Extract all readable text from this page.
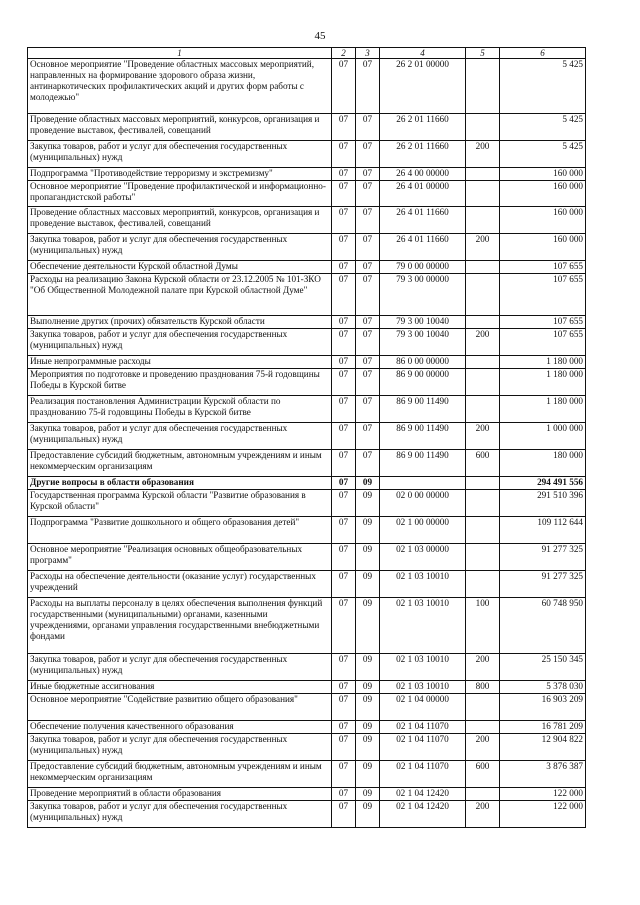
45
1	2	3	4	5	6
Основное мероприятие "Проведение областных массовых мероприятий, направленных на формирование здорового образа жизни, антинаркотических профилактических акций и других форм работы с молодежью"	07	07	26 2 01 00000		5 425
Проведение областных массовых мероприятий, конкурсов, организация и проведение выставок, фестивалей, совещаний	07	07	26 2 01 11660		5 425
Закупка товаров, работ и услуг для обеспечения государственных (муниципальных) нужд	07	07	26 2 01 11660	200	5 425
Подпрограмма "Противодействие терроризму и экстремизму"	07	07	26 4 00 00000		160 000
Основное мероприятие "Проведение профилактической и информационно-пропагандистской работы"	07	07	26 4 01 00000		160 000
Проведение областных массовых мероприятий, конкурсов, организация и проведение выставок, фестивалей, совещаний	07	07	26 4 01 11660		160 000
Закупка товаров, работ и услуг для обеспечения государственных (муниципальных) нужд	07	07	26 4 01 11660	200	160 000
Обеспечение деятельности Курской областной Думы	07	07	79 0 00 00000		107 655
Расходы на реализацию Закона Курской области от 23.12.2005 № 101-ЗКО "Об Общественной Молодежной палате при Курской областной Думе"	07	07	79 3 00 00000		107 655
Выполнение других (прочих) обязательств Курской области	07	07	79 3 00 10040		107 655
Закупка товаров, работ и услуг для обеспечения государственных (муниципальных) нужд	07	07	79 3 00 10040	200	107 655
Иные непрограммные расходы	07	07	86 0 00 00000		1 180 000
Мероприятия по подготовке и проведению празднования 75-й годовщины Победы в Курской битве	07	07	86 9 00 00000		1 180 000
Реализация постановления Администрации Курской области по празднованию 75-й годовщины Победы в Курской битве	07	07	86 9 00 11490		1 180 000
Закупка товаров, работ и услуг для обеспечения государственных (муниципальных) нужд	07	07	86 9 00 11490	200	1 000 000
Предоставление субсидий бюджетным, автономным учреждениям и иным некоммерческим организациям	07	07	86 9 00 11490	600	180 000
Другие вопросы в области образования	07	09			294 491 556
Государственная программа Курской области "Развитие образования в Курской области"	07	09	02 0 00 00000		291 510 396
Подпрограмма "Развитие дошкольного и общего образования детей"	07	09	02 1 00 00000		109 112 644
Основное мероприятие "Реализация основных общеобразовательных программ"	07	09	02 1 03 00000		91 277 325
Расходы на обеспечение деятельности (оказание услуг) государственных учреждений	07	09	02 1 03 10010		91 277 325
Расходы на выплаты персоналу в целях обеспечения выполнения функций государственными (муниципальными) органами, казенными учреждениями, органами управления государственными внебюджетными фондами	07	09	02 1 03 10010	100	60 748 950
Закупка товаров, работ и услуг для обеспечения государственных (муниципальных) нужд	07	09	02 1 03 10010	200	25 150 345
Иные бюджетные ассигнования	07	09	02 1 03 10010	800	5 378 030
Основное мероприятие "Содействие развитию общего образования"	07	09	02 1 04 00000		16 903 209
Обеспечение получения качественного образования	07	09	02 1 04 11070		16 781 209
Закупка товаров, работ и услуг для обеспечения государственных (муниципальных) нужд	07	09	02 1 04 11070	200	12 904 822
Предоставление субсидий бюджетным, автономным учреждениям и иным некоммерческим организациям	07	09	02 1 04 11070	600	3 876 387
Проведение мероприятий в области образования	07	09	02 1 04 12420		122 000
Закупка товаров, работ и услуг для обеспечения государственных (муниципальных) нужд	07	09	02 1 04 12420	200	122 000
